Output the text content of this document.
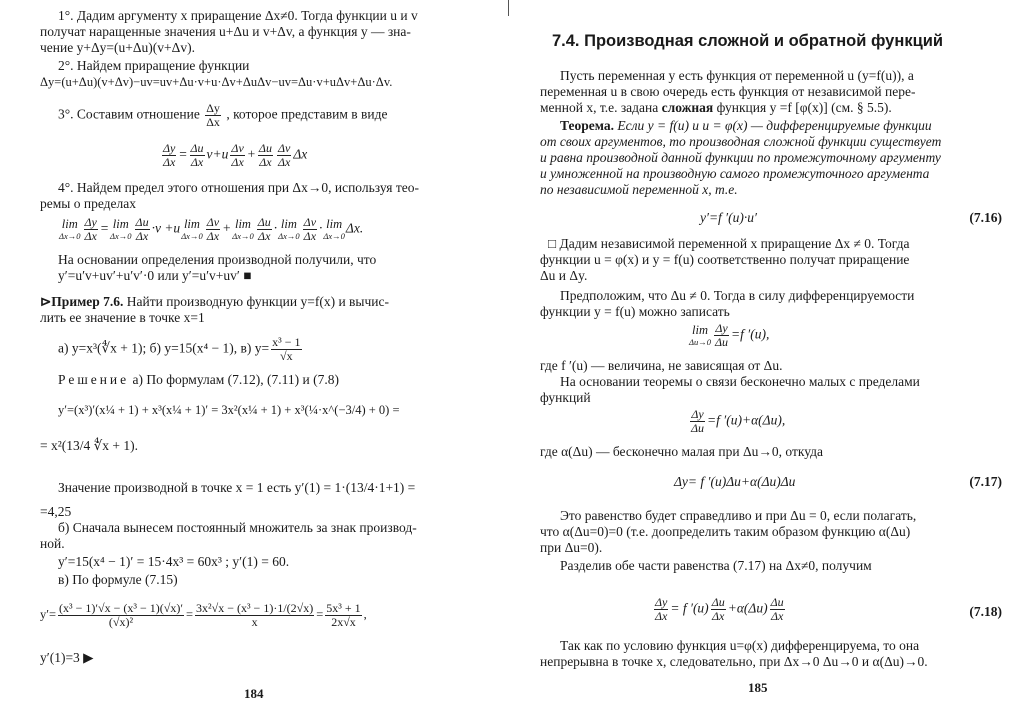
1°. Дадим аргументу x приращение Δx≠0. Тогда функции u и v
получат наращенные значения u+Δu и v+Δv, а функция y — зна-
чение y+Δy=(u+Δu)(v+Δv).
2°. Найдем приращение функции
Δy=(u+Δu)(v+Δv)−uv=uv+Δu·v+u·Δv+ΔuΔv−uv=Δu·v+uΔv+Δu·Δv.
3°. Составим отношение $\frac{\Delta y}{\Delta x}$ , которое представим в виде
$\frac{\Delta y}{\Delta x} = \frac{\Delta u}{\Delta x} v+u \frac{\Delta v}{\Delta x} + \frac{\Delta u}{\Delta x} \frac{\Delta v}{\Delta x}$ Δx
4°. Найдем предел этого отношения при Δx→0, используя тео-
ремы о пределах
lim
$\Delta x\to 0 \frac{\Delta y}{\Delta x} = \lim$
$\Delta x\to 0 \frac{\Delta u}{\Delta x} \cdot v +u$ lim
$\Delta x\to 0 \frac{\Delta v}{\Delta x} + \lim$
$\Delta x\to 0 \frac{\Delta u}{\Delta x} \cdot \lim$
$\Delta x\to 0 \frac{\Delta v}{\Delta x} \cdot \lim$
Δx→0 Δx.
На основании определения производной получили, что
y′=u′v+uv′+u′v′·0 или y′=u′v+uv′ ■
⊳Пример 7.6. Найти производную функции y=f(x) и вычис-
лить ее значение в точке x=1
а) y=x³(∜x + 1); б) y=15(x⁴ − 1), в) $y= \frac{\text{x³ − 1}}{√x}$
Решение а) По формулам (7.12), (7.11) и (7.8)
y′=(x³)′(x¼ + 1) + x³(x¼ + 1)′ = 3x²(x¼ + 1) + x³(¼·x^(−3/4) + 0) =
= x²(13/4 ∜x + 1).
Значение производной в точке x = 1 есть y′(1) = 1·(13/4·1+1) =
=4,25
б) Сначала вынесем постоянный множитель за знак производ-
ной.
y′=15(x⁴ − 1)′ = 15·4x³ = 60x³ ; y′(1) = 60.
в) По формуле (7.15)
$y'= \frac{\text{(x³ − 1)′√x − (x³ − 1)(√x)′}}{\text{(√x)²}} = \frac{\text{3x²√x − (x³ − 1)·1/(2√x)}}{x} = \frac{\text{5x³ + 1}}{2x√x}$ ,
y′(1)=3 ▶
184
7.4. Производная сложной и обратной функций
Пусть переменная y есть функция от переменной u (y=f(u)), а
переменная u в свою очередь есть функция от независимой пере-
менной x, т.е. задана сложная функция y =f [φ(x)] (см. § 5.5).
Теорема. Если y = f(u) и u = φ(x) — дифференцируемые функции
от своих аргументов, то производная сложной функции существует
и равна производной данной функции по промежуточному аргументу
и умноженной на производную самого промежуточного аргумента
по независимой переменной x, т.е.
y′=f ′(u)·u′	(7.16)
□ Дадим независимой переменной x приращение Δx ≠ 0. Тогда
функции u = φ(x) и y = f(u) соответственно получат приращение
Δu и Δy.
Предположим, что Δu ≠ 0. Тогда в силу дифференцируемости
функции y = f(u) можно записать
lim
$\Delta u\to 0 \frac{\Delta y}{\Delta u} =f$ ′(u),
где f ′(u) — величина, не зависящая от Δu.
На основании теоремы о связи бесконечно малых с пределами
функций
$\frac{\Delta y}{\Delta u} =f$ ′(u)+α(Δu),
где α(Δu) — бесконечно малая при Δu→0, откуда
Δy= f ′(u)Δu+α(Δu)Δu	(7.17)
Это равенство будет справедливо и при Δu = 0, если полагать,
что α(Δu=0)=0 (т.е. доопределить таким образом функцию α(Δu)
при Δu=0).
Разделив обе части равенства (7.17) на Δx≠0, получим
$\frac{\Delta y}{\Delta x} = f$ $'(u) \frac{\Delta u}{\Delta x} +\alpha(\Delta u) \frac{\Delta u}{\Delta x}$	(7.18)
Так как по условию функция u=φ(x) дифференцируема, то она
непрерывна в точке x, следовательно, при Δx→0 Δu→0 и α(Δu)→0.
185
